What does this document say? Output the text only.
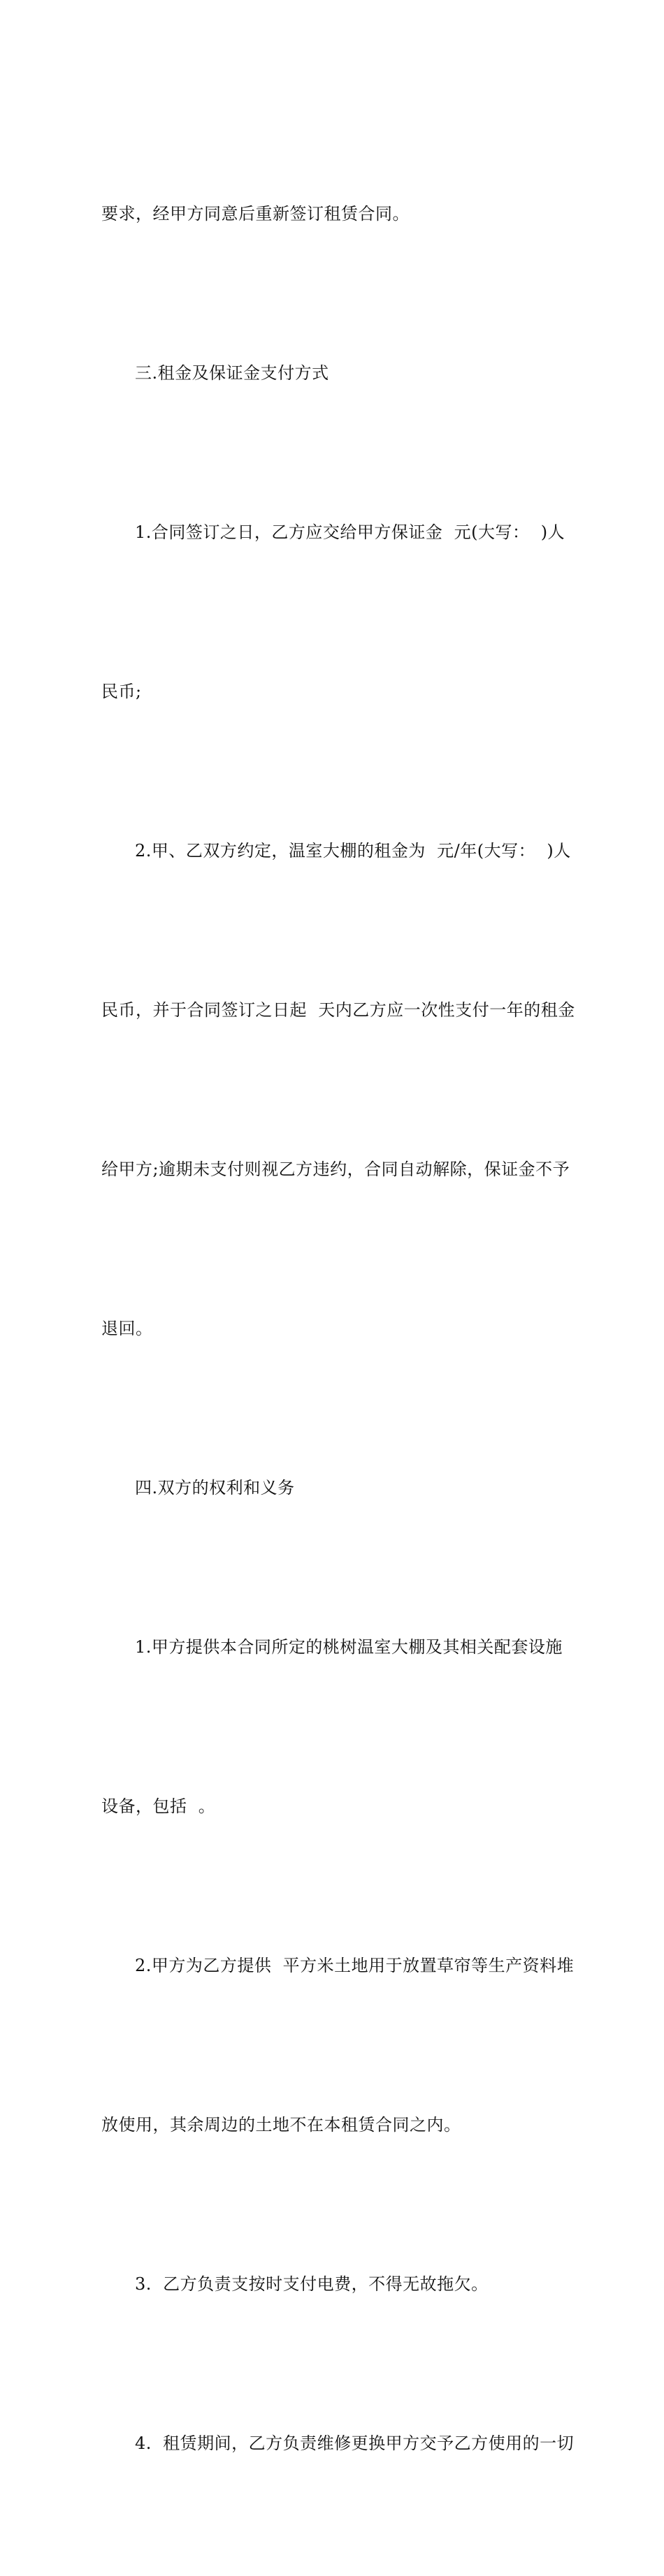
要求，经甲方同意后重新签订租赁合同。

三.租金及保证金支付方式

1.合同签订之日，乙方应交给甲方保证金  元(大写：  )人

民币;

2.甲、乙双方约定，温室大棚的租金为  元/年(大写：  )人

民币，并于合同签订之日起  天内乙方应一次性支付一年的租金

给甲方;逾期未支付则视乙方违约，合同自动解除，保证金不予

退回。

四.双方的权利和义务

1.甲方提供本合同所定的桃树温室大棚及其相关配套设施

设备，包括  。

2.甲方为乙方提供  平方米土地用于放置草帘等生产资料堆

放使用，其余周边的土地不在本租赁合同之内。

3.  乙方负责支按时支付电费，不得无故拖欠。

4.  租赁期间，乙方负责维修更换甲方交予乙方使用的一切
